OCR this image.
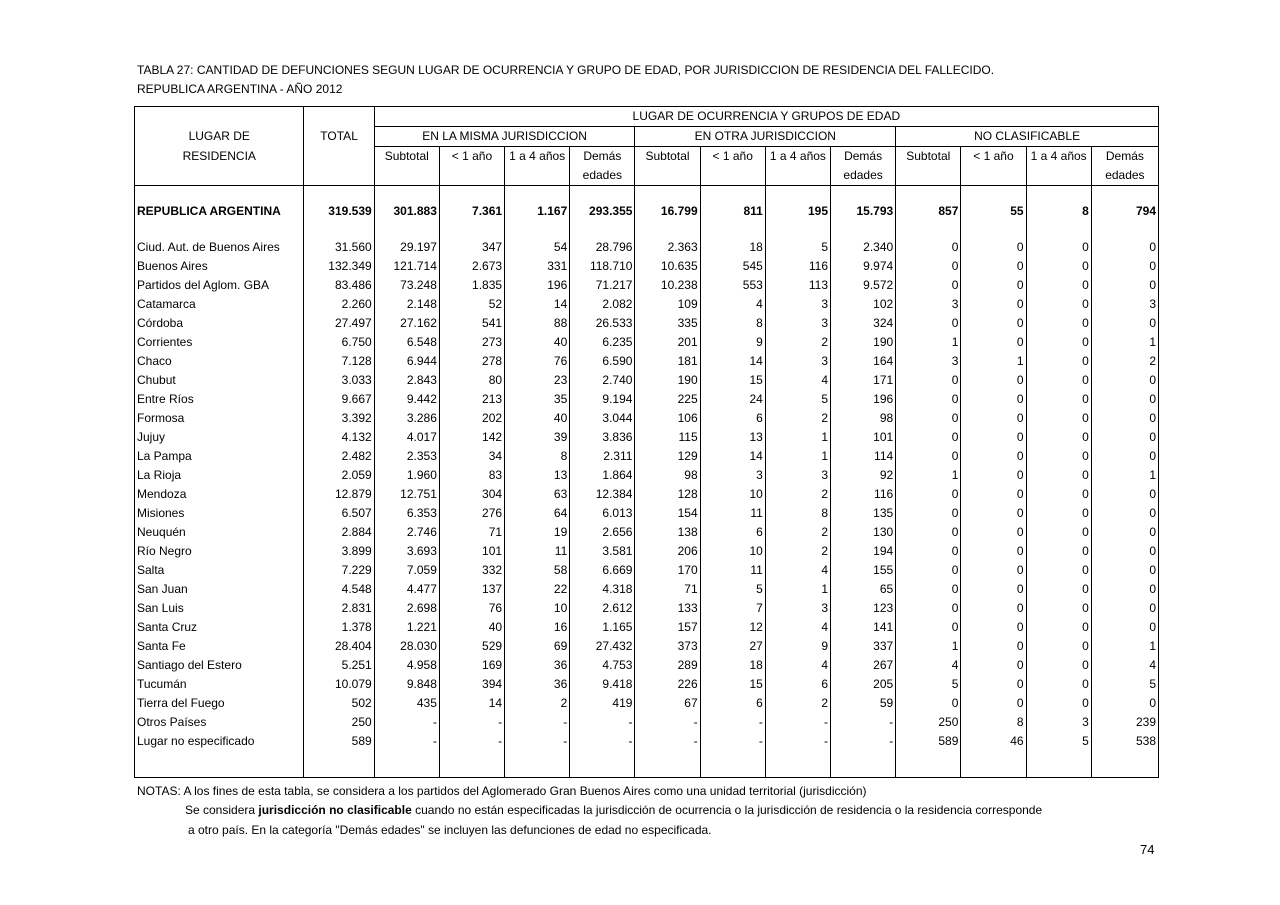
TABLA 27: CANTIDAD DE DEFUNCIONES SEGUN LUGAR DE OCURRENCIA Y GRUPO DE EDAD, POR JURISDICCION DE RESIDENCIA DEL FALLECIDO.
REPUBLICA ARGENTINA - AÑO 2012
		LUGAR DE OCURRENCIA Y GRUPOS DE EDAD											
LUGAR DE	TOTAL	EN LA MISMA JURISDICCION				EN OTRA JURISDICCION				NO CLASIFICABLE			
RESIDENCIA		Subtotal	< 1 año	1 a 4 años	Demás	Subtotal	< 1 año	1 a 4 años	Demás	Subtotal	< 1 año	1 a 4 años	Demás
					edades				edades				edades

REPUBLICA ARGENTINA	319.539	301.883	7.361	1.167	293.355	16.799	811	195	15.793	857	55	8	794

Ciud. Aut. de Buenos Aires	31.560	29.197	347	54	28.796	2.363	18	5	2.340	0	0	0	0
Buenos Aires	132.349	121.714	2.673	331	118.710	10.635	545	116	9.974	0	0	0	0
Partidos del Aglom. GBA	83.486	73.248	1.835	196	71.217	10.238	553	113	9.572	0	0	0	0
Catamarca	2.260	2.148	52	14	2.082	109	4	3	102	3	0	0	3
Córdoba	27.497	27.162	541	88	26.533	335	8	3	324	0	0	0	0
Corrientes	6.750	6.548	273	40	6.235	201	9	2	190	1	0	0	1
Chaco	7.128	6.944	278	76	6.590	181	14	3	164	3	1	0	2
Chubut	3.033	2.843	80	23	2.740	190	15	4	171	0	0	0	0
Entre Ríos	9.667	9.442	213	35	9.194	225	24	5	196	0	0	0	0
Formosa	3.392	3.286	202	40	3.044	106	6	2	98	0	0	0	0
Jujuy	4.132	4.017	142	39	3.836	115	13	1	101	0	0	0	0
La Pampa	2.482	2.353	34	8	2.311	129	14	1	114	0	0	0	0
La Rioja	2.059	1.960	83	13	1.864	98	3	3	92	1	0	0	1
Mendoza	12.879	12.751	304	63	12.384	128	10	2	116	0	0	0	0
Misiones	6.507	6.353	276	64	6.013	154	11	8	135	0	0	0	0
Neuquén	2.884	2.746	71	19	2.656	138	6	2	130	0	0	0	0
Río Negro	3.899	3.693	101	11	3.581	206	10	2	194	0	0	0	0
Salta	7.229	7.059	332	58	6.669	170	11	4	155	0	0	0	0
San Juan	4.548	4.477	137	22	4.318	71	5	1	65	0	0	0	0
San Luis	2.831	2.698	76	10	2.612	133	7	3	123	0	0	0	0
Santa Cruz	1.378	1.221	40	16	1.165	157	12	4	141	0	0	0	0
Santa Fe	28.404	28.030	529	69	27.432	373	27	9	337	1	0	0	1
Santiago del Estero	5.251	4.958	169	36	4.753	289	18	4	267	4	0	0	4
Tucumán	10.079	9.848	394	36	9.418	226	15	6	205	5	0	0	5
Tierra del Fuego	502	435	14	2	419	67	6	2	59	0	0	0	0
Otros Países	250	-	-	-	-	-	-	-	-	250	8	3	239
Lugar no especificado	589	-	-	-	-	-	-	-	-	589	46	5	538

NOTAS: A los fines de esta tabla, se considera a los partidos del Aglomerado Gran Buenos Aires como una unidad territorial (jurisdicción)
Se considera jurisdicción no clasificable cuando no están especificadas la jurisdicción de ocurrencia o la jurisdicción de residencia o la residencia corresponde
a otro país. En la categoría "Demás edades" se incluyen las defunciones de edad no especificada.
74
